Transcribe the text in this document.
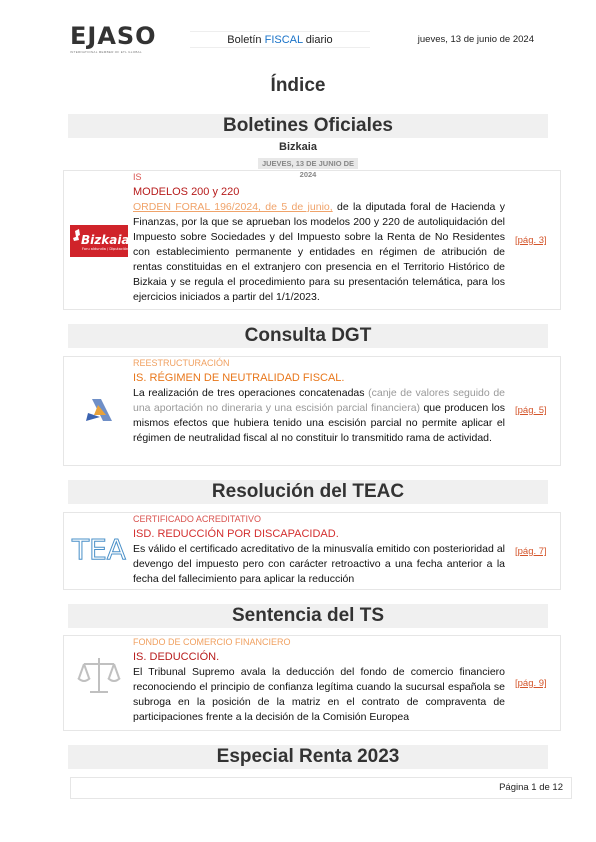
EJASO
INTERNATIONAL MEMBER OF ETL GLOBAL
Boletín FISCAL diario	jueves, 13 de junio de 2024
Índice
Boletines Oficiales
Bizkaia
JUEVES, 13 DE JUNIO DE 2024
Bizkaia
Foru aldundia / Diputación foral
IS
MODELOS 200 y 220
ORDEN FORAL 196/2024, de 5 de junio, de la diputada foral de Hacienda y Finanzas, por la que se aprueban los modelos 200 y 220 de autoliquidación del Impuesto sobre Sociedades y del Impuesto sobre la Renta de No Residentes con establecimiento permanente y entidades en régimen de atribución de rentas constituidas en el extranjero con presencia en el Territorio Histórico de Bizkaia y se regula el procedimiento para su presentación telemática, para los ejercicios iniciados a partir del 1/1/2023.
[pág. 3]
Consulta DGT
REESTRUCTURACIÓN
IS. RÉGIMEN DE NEUTRALIDAD FISCAL.
La realización de tres operaciones concatenadas (canje de valores seguido de una aportación no dineraria y una escisión parcial financiera) que producen los mismos efectos que hubiera tenido una escisión parcial no permite aplicar el régimen de neutralidad fiscal al no constituir lo transmitido rama de actividad.
[pág. 5]
Resolución del TEAC
TEA
CERTIFICADO ACREDITATIVO
ISD. REDUCCIÓN POR DISCAPACIDAD.
Es válido el certificado acreditativo de la minusvalía emitido con posterioridad al devengo del impuesto pero con carácter retroactivo a una fecha anterior a la fecha del fallecimiento para aplicar la reducción
[pág. 7]
Sentencia del TS
FONDO DE COMERCIO FINANCIERO
IS. DEDUCCIÓN.
El Tribunal Supremo avala la deducción del fondo de comercio financiero reconociendo el principio de confianza legítima cuando la sucursal española se subroga en la posición de la matriz en el contrato de compraventa de participaciones frente a la decisión de la Comisión Europea
[pág. 9]
Especial Renta 2023
Página 1 de 12
